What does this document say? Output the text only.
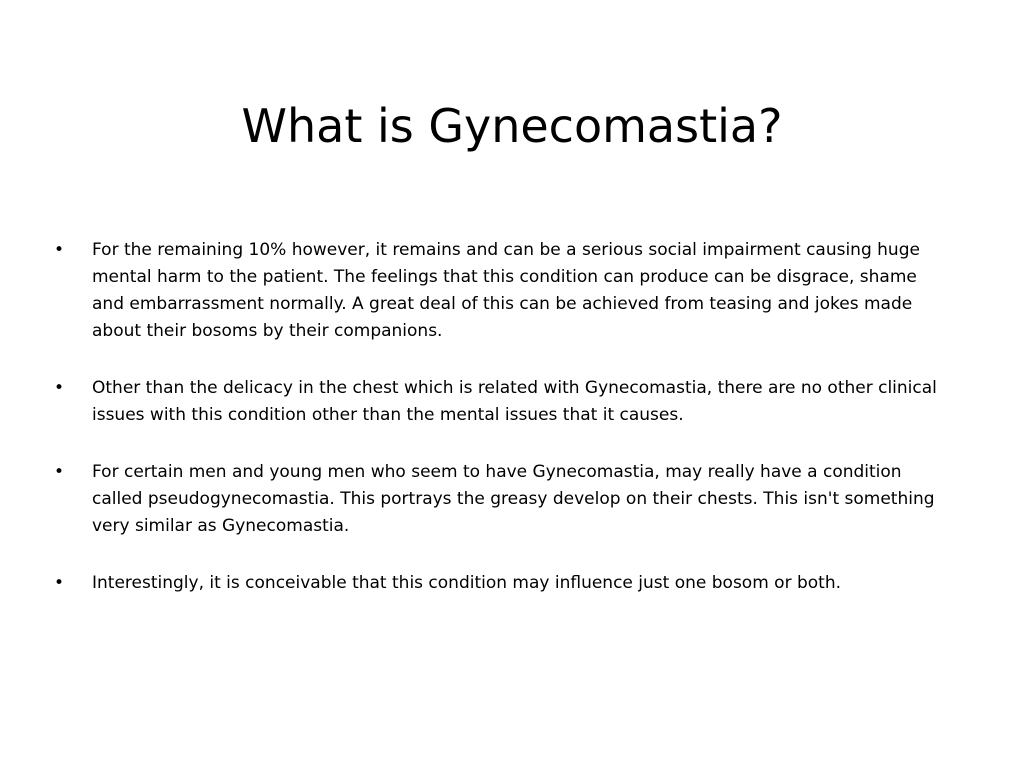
What is Gynecomastia?
•	For the remaining 10% however, it remains and can be a serious social impairment causing huge mental harm to the patient. The feelings that this condition can produce can be disgrace, shame and embarrassment normally. A great deal of this can be achieved from teasing and jokes made about their bosoms by their companions.
•	Other than the delicacy in the chest which is related with Gynecomastia, there are no other clinical issues with this condition other than the mental issues that it causes.
•	For certain men and young men who seem to have Gynecomastia, may really have a condition called pseudogynecomastia. This portrays the greasy develop on their chests. This isn't something very similar as Gynecomastia.
•	Interestingly, it is conceivable that this condition may influence just one bosom or both.
